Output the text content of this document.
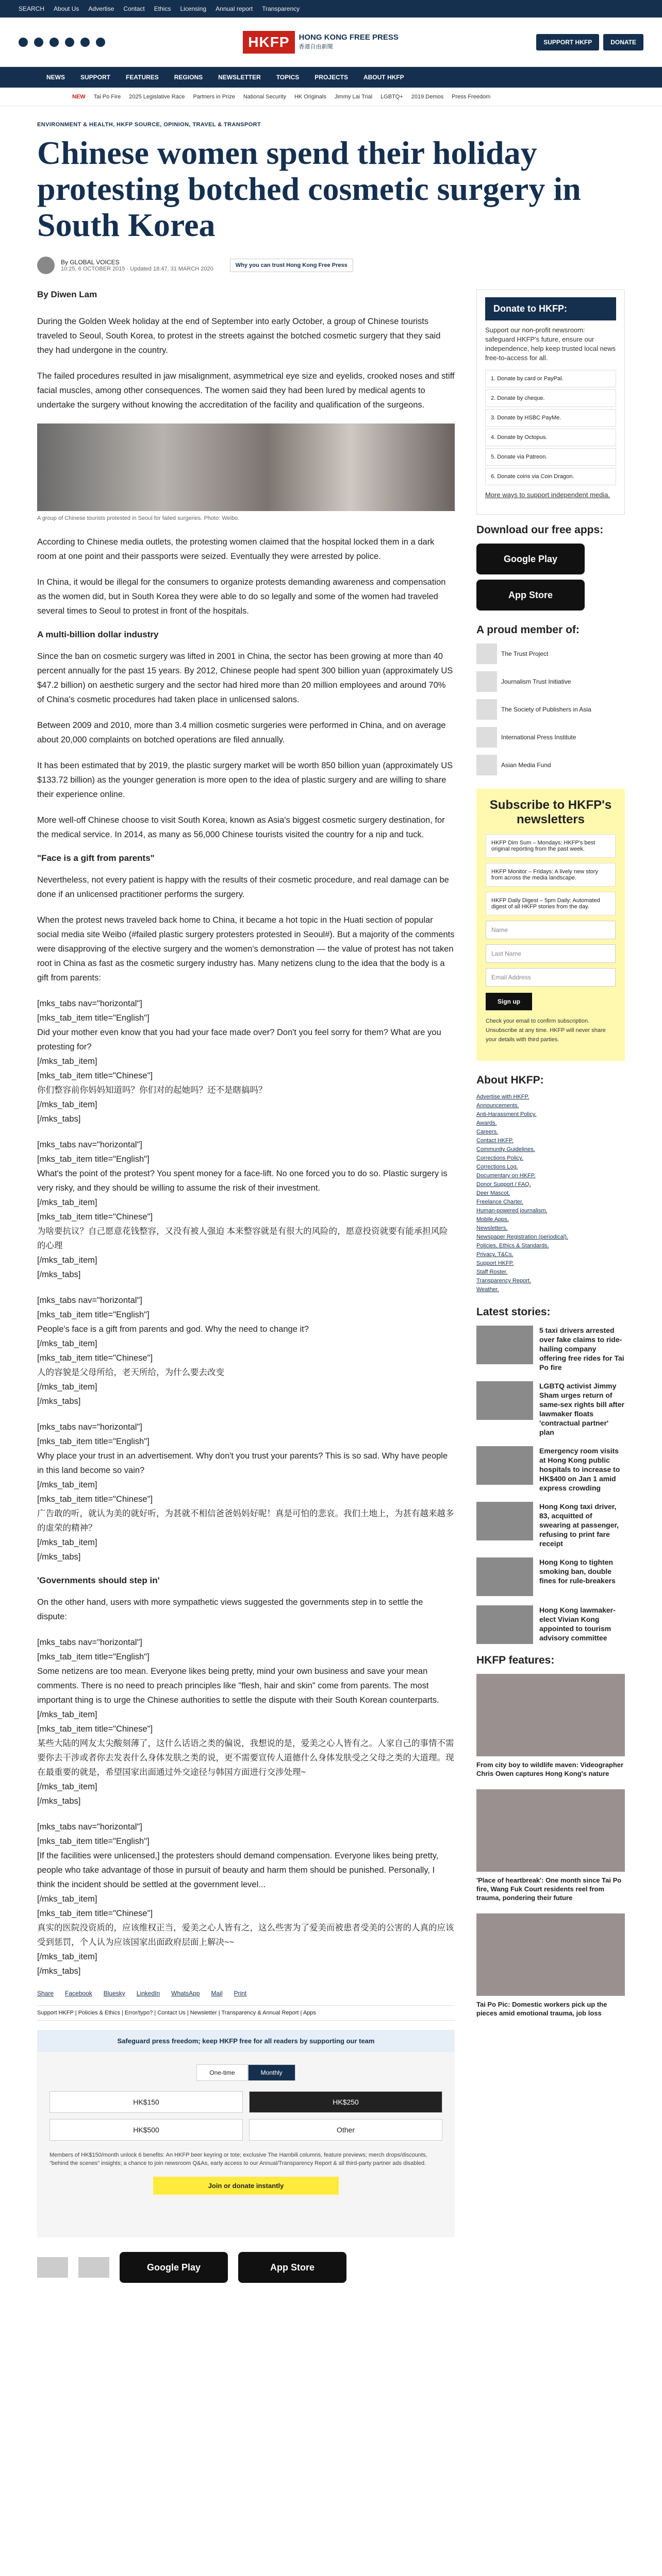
SEARCH About Us Advertise Contact Ethics Licensing Annual report Transparency
HKFP	HONG KONG FREE PRESS
香港自由新聞
SUPPORT HKFP	DONATE
NEWS	SUPPORT	FEATURES	REGIONS	NEWSLETTER	TOPICS	PROJECTS	ABOUT HKFP
NEW Tai Po Fire 2025 Legislative Race Partners in Prize National Security HK Originals Jimmy Lai Trial LGBTQ+ 2019 Demos Press Freedom
ENVIRONMENT & HEALTH, HKFP SOURCE, OPINION, TRAVEL & TRANSPORT
Chinese women spend their holiday protesting botched cosmetic surgery in South Korea
By GLOBAL VOICES
10:25, 6 OCTOBER 2015 · Updated 18:47, 31 MARCH 2020
Why you can trust Hong Kong Free Press
By Diwen Lam

During the Golden Week holiday at the end of September into early October, a group of Chinese tourists traveled to Seoul, South Korea, to protest in the streets against the botched cosmetic surgery that they said they had undergone in the country.

The failed procedures resulted in jaw misalignment, asymmetrical eye size and eyelids, crooked noses and stiff facial muscles, among other consequences. The women said they had been lured by medical agents to undertake the surgery without knowing the accreditation of the facility and qualification of the surgeons.

A group of Chinese tourists protested in Seoul for failed surgeries. Photo: Weibo.

According to Chinese media outlets, the protesting women claimed that the hospital locked them in a dark room at one point and their passports were seized. Eventually they were arrested by police.

In China, it would be illegal for the consumers to organize protests demanding awareness and compensation as the women did, but in South Korea they were able to do so legally and some of the women had traveled several times to Seoul to protest in front of the hospitals.

A multi-billion dollar industry

Since the ban on cosmetic surgery was lifted in 2001 in China, the sector has been growing at more than 40 percent annually for the past 15 years. By 2012, Chinese people had spent 300 billion yuan (approximately US $47.2 billion) on aesthetic surgery and the sector had hired more than 20 million employees and around 70% of China's cosmetic procedures had taken place in unlicensed salons.

Between 2009 and 2010, more than 3.4 million cosmetic surgeries were performed in China, and on average about 20,000 complaints on botched operations are filed annually.

It has been estimated that by 2019, the plastic surgery market will be worth 850 billion yuan (approximately US $133.72 billion) as the younger generation is more open to the idea of plastic surgery and are willing to share their experience online.

More well-off Chinese choose to visit South Korea, known as Asia's biggest cosmetic surgery destination, for the medical service. In 2014, as many as 56,000 Chinese tourists visited the country for a nip and tuck.

"Face is a gift from parents"

Nevertheless, not every patient is happy with the results of their cosmetic procedure, and real damage can be done if an unlicensed practitioner performs the surgery.

When the protest news traveled back home to China, it became a hot topic in the Huati section of popular social media site Weibo (#failed plastic surgery protesters protested in Seoul#). But a majority of the comments were disapproving of the elective surgery and the women's demonstration — the value of protest has not taken root in China as fast as the cosmetic surgery industry has. Many netizens clung to the idea that the body is a gift from parents:

[mks_tabs nav="horizontal"]
[mks_tab_item title="English"]
Did your mother even know that you had your face made over? Don't you feel sorry for them? What are you protesting for?
[/mks_tab_item]
[mks_tab_item title="Chinese"]
你们整容前你妈妈知道吗？你们对的起她吗？还不是瞎搞吗？
[/mks_tab_item]
[/mks_tabs]

[mks_tabs nav="horizontal"]
[mks_tab_item title="English"]
What's the point of the protest? You spent money for a face-lift. No one forced you to do so. Plastic surgery is very risky, and they should be willing to assume the risk of their investment.
[/mks_tab_item]
[mks_tab_item title="Chinese"]
为啥要抗议？自己愿意花钱整容，又没有被人强迫 本来整容就是有很大的风险的，愿意投资就要有能承担风险的心理
[/mks_tab_item]
[/mks_tabs]

[mks_tabs nav="horizontal"]
[mks_tab_item title="English"]
People's face is a gift from parents and god. Why the need to change it?
[/mks_tab_item]
[mks_tab_item title="Chinese"]
人的容貌是父母所给，老天所给，为什么要去改变
[/mks_tab_item]
[/mks_tabs]

[mks_tabs nav="horizontal"]
[mks_tab_item title="English"]
Why place your trust in an advertisement. Why don't you trust your parents? This is so sad. Why have people in this land become so vain?
[/mks_tab_item]
[mks_tab_item title="Chinese"]
广告敢的听，就认为美的就好听，为甚就不相信爸爸妈妈好呢！真是可怕的悲哀。我们土地上，为甚有越来越多的虚荣的精神？
[/mks_tab_item]
[/mks_tabs]

'Governments should step in'

On the other hand, users with more sympathetic views suggested the governments step in to settle the dispute:

[mks_tabs nav="horizontal"]
[mks_tab_item title="English"]
Some netizens are too mean. Everyone likes being pretty, mind your own business and save your mean comments. There is no need to preach principles like "flesh, hair and skin" come from parents. The most important thing is to urge the Chinese authorities to settle the dispute with their South Korean counterparts.
[/mks_tab_item]
[mks_tab_item title="Chinese"]
某些大陆的网友太尖酸刻薄了，这什么话语之类的偏说，我想说的是，爱美之心人皆有之。人家自己的事情不需要你去干涉或者你去发表什么身体发肤之类的说，更不需要宣传人道德什么身体发肤受之父母之类的大道理。现在最重要的就是，希望国家出面通过外交途径与韩国方面进行交涉处理~
[/mks_tab_item]
[/mks_tabs]

[mks_tabs nav="horizontal"]
[mks_tab_item title="English"]
[If the facilities were unlicensed,] the protesters should demand compensation. Everyone likes being pretty, people who take advantage of those in pursuit of beauty and harm them should be punished. Personally, I think the incident should be settled at the government level...
[/mks_tab_item]
[mks_tab_item title="Chinese"]
真实的医院没资质的，应该维权正当，爱美之心人皆有之，这么些害为了爱美而被患者受美的公害的人真的应该受到惩罚，个人认为应该国家出面政府层面上解决~~
[/mks_tab_item]
[/mks_tabs]

Share Facebook Bluesky LinkedIn WhatsApp Mail Print
Support HKFP | Policies & Ethics | Error/typo? | Contact Us | Newsletter | Transparency & Annual Report | Apps
Safeguard press freedom; keep HKFP free for all readers by supporting our team
One-time	Monthly
HK$150	HK$250
HK$500	Other
Members of HK$150/month unlock 6 benefits: An HKFP beer keyring or tote; exclusive The Hambili columns, feature previews; merch drops/discounts, "behind the scenes" insights; a chance to join newsroom Q&As, early access to our Annual/Transparency Report & all third-party partner ads disabled.
Join or donate instantly
Google Play	App Store
Donate to HKFP:
Support our non-profit newsroom: safeguard HKFP's future, ensure our independence, help keep trusted local news free-to-access for all.
1. Donate by card or PayPal.
2. Donate by cheque.
3. Donate by HSBC PayMe.
4. Donate by Octopus.
5. Donate via Patreon.
6. Donate coins via Coin Dragon.
More ways to support independent media.
Download our free apps:
Google Play
App Store
A proud member of:
The Trust Project
Journalism Trust Initiative
The Society of Publishers in Asia
International Press Institute
Asian Media Fund
Subscribe to HKFP's newsletters
HKFP Dim Sum – Mondays: HKFP's best original reporting from the past week.
HKFP Monitor – Fridays: A lively new story from across the media landscape.
HKFP Daily Digest – 5pm Daily: Automated digest of all HKFP stories from the day.
Name
Last Name
Email Address
Sign up
Check your email to confirm subscription. Unsubscribe at any time. HKFP will never share your details with third parties.
About HKFP:
Advertise with HKFP.
Announcements.
Anti-Harassment Policy.
Awards.
Careers.
Contact HKFP.
Community Guidelines.
Corrections Policy.
Corrections Log.
Documentary on HKFP.
Donor Support / FAQ.
Deer Mascot.
Freelance Charter.
Human-powered journalism.
Mobile Apps.
Newsletters.
Newspaper Registration (periodical).
Policies, Ethics & Standards.
Privacy, T&Cs.
Support HKFP.
Staff Roster.
Transparency Report.
Weather.
Latest stories:
5 taxi drivers arrested over fake claims to ride-hailing company offering free rides for Tai Po fire
LGBTQ activist Jimmy Sham urges return of same-sex rights bill after lawmaker floats 'contractual partner' plan
Emergency room visits at Hong Kong public hospitals to increase to HK$400 on Jan 1 amid express crowding
Hong Kong taxi driver, 83, acquitted of swearing at passenger, refusing to print fare receipt
Hong Kong to tighten smoking ban, double fines for rule-breakers
Hong Kong lawmaker-elect Vivian Kong appointed to tourism advisory committee
HKFP features:
From city boy to wildlife maven: Videographer Chris Owen captures Hong Kong's nature
'Place of heartbreak': One month since Tai Po fire, Wang Fuk Court residents reel from trauma, pondering their future
Tai Po Pic: Domestic workers pick up the pieces amid emotional trauma, job loss
